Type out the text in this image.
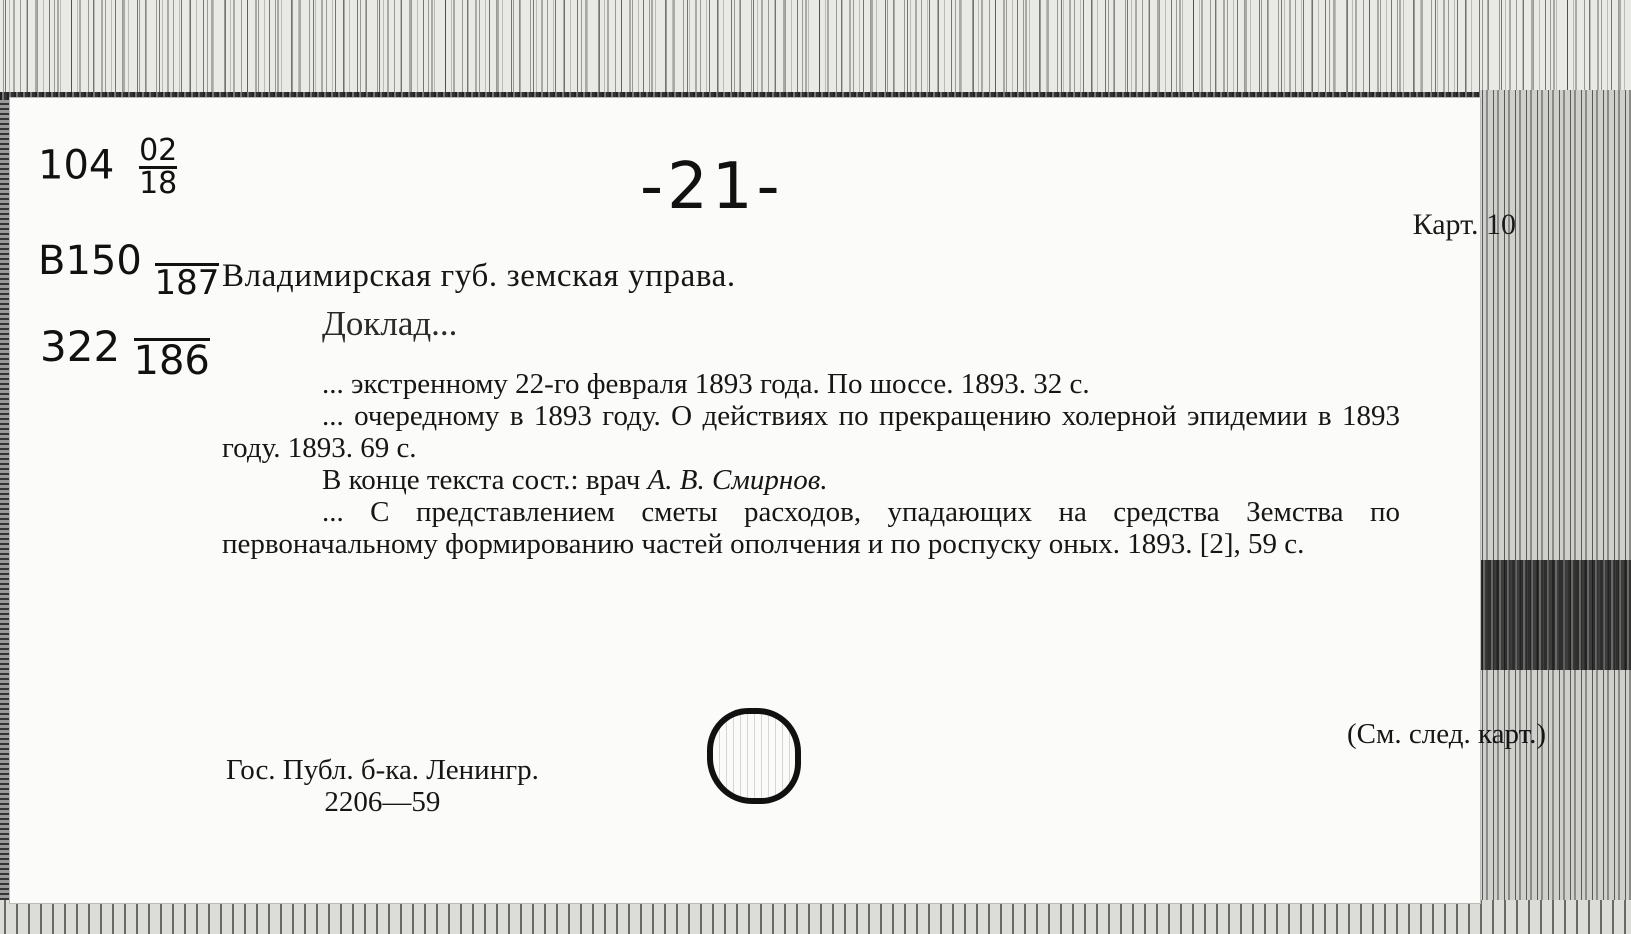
$104 \frac{02}{18}$
B150 187
322 186
-21-
Карт. 10
Владимирская губ. земская управа.
Доклад...

... экстренному 22-го февраля 1893 года. По шоссе. 1893. 32 с.

... очередному в 1893 году. О действиях по прекращению холерной эпидемии в 1893 году. 1893. 69 с.

В конце текста сост.: врач А. В. Смирнов.

... С представлением сметы расходов, упадающих на средства Земства по первоначальному формированию частей ополчения и по роспуску оных. 1893. [2], 59 с.

(См. след. карт.)
Гос. Публ. б-ка. Ленингр.
2206—59
